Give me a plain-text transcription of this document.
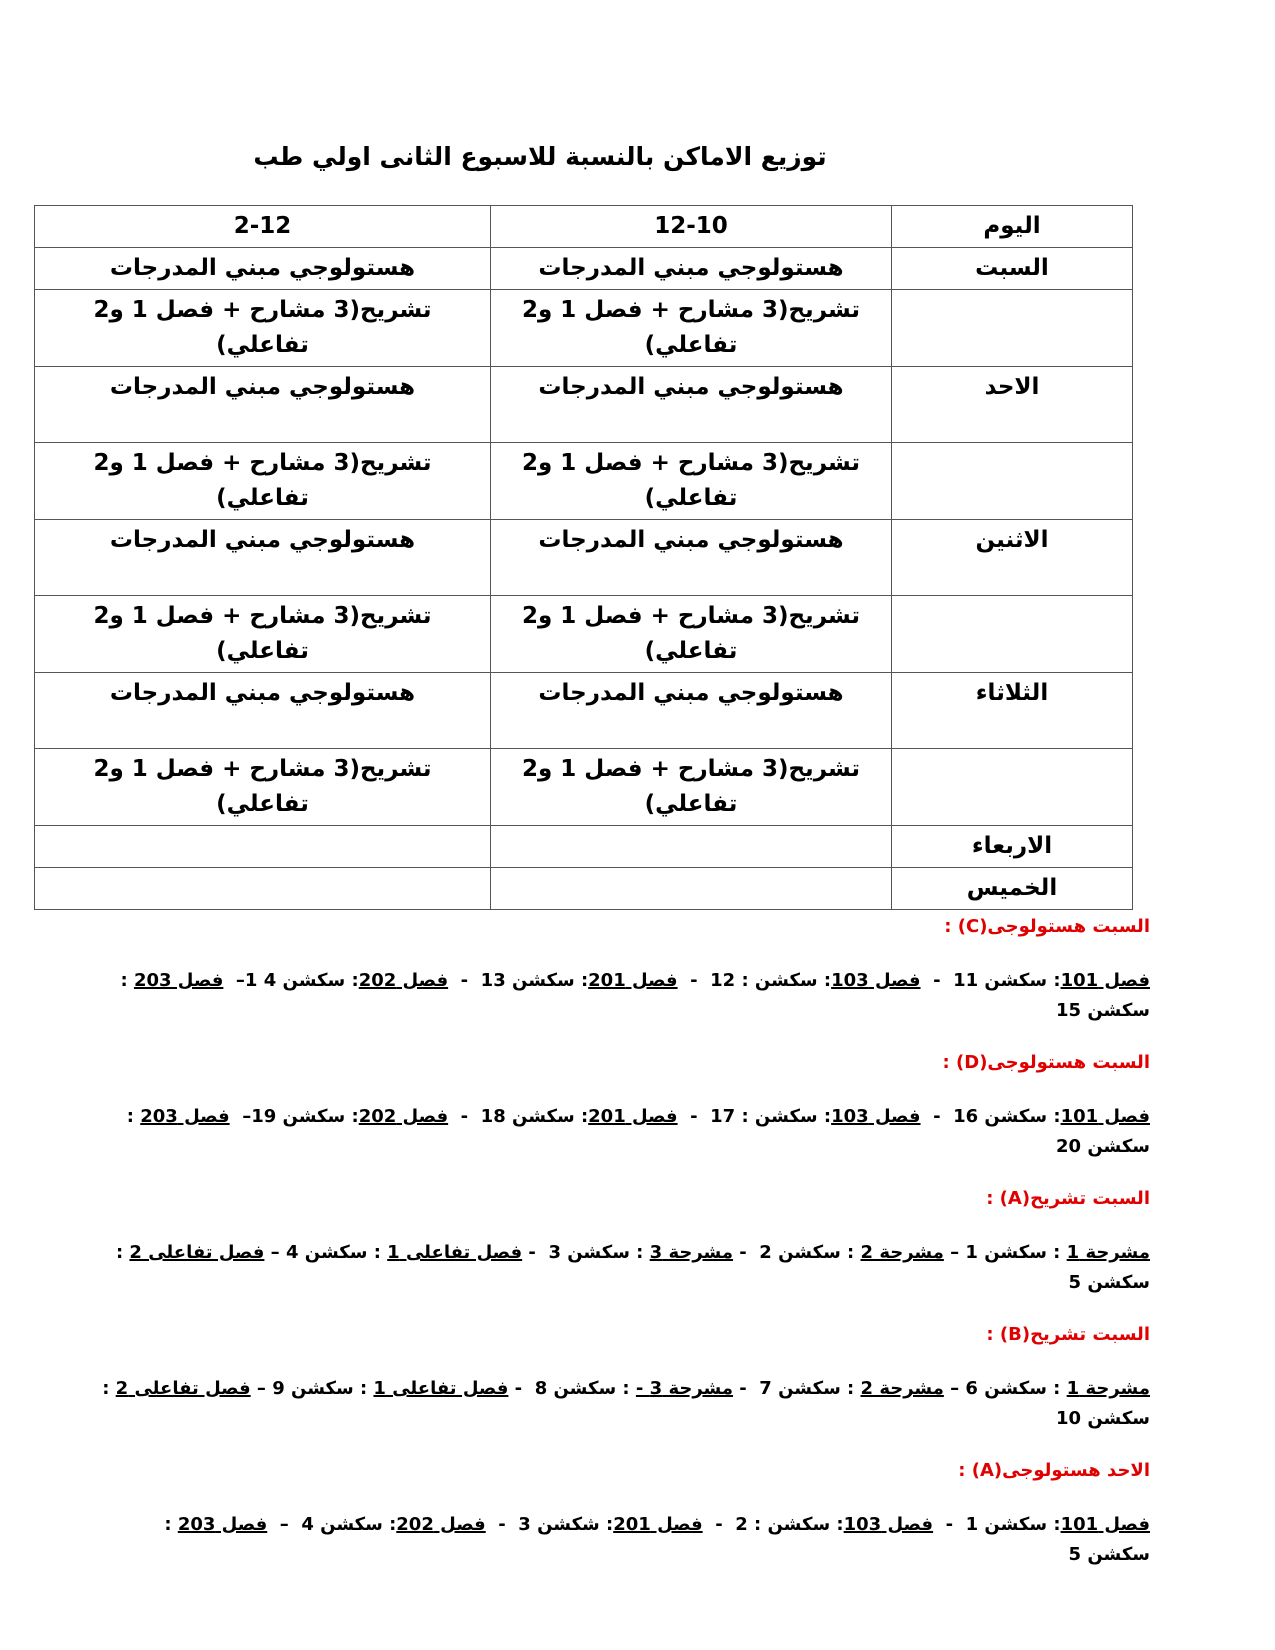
توزيع الاماكن بالنسبة للاسبوع الثانى اولي طب
اليوم	12-10	2-12
السبت	هستولوجي مبني المدرجات	هستولوجي مبني المدرجات
	تشريح(3 مشارح + فصل 1 و2 تفاعلي)	تشريح(3 مشارح + فصل 1 و2 تفاعلي)
الاحد	هستولوجي مبني المدرجات	هستولوجي مبني المدرجات
	تشريح(3 مشارح + فصل 1 و2 تفاعلي)	تشريح(3 مشارح + فصل 1 و2 تفاعلي)
الاثنين	هستولوجي مبني المدرجات	هستولوجي مبني المدرجات
	تشريح(3 مشارح + فصل 1 و2 تفاعلي)	تشريح(3 مشارح + فصل 1 و2 تفاعلي)
الثلاثاء	هستولوجي مبني المدرجات	هستولوجي مبني المدرجات
	تشريح(3 مشارح + فصل 1 و2 تفاعلي)	تشريح(3 مشارح + فصل 1 و2 تفاعلي)
الاربعاء		
الخميس		
السبت هستولوجى(C) :
فصل 101: سكشن 11  -  فصل 103: سكشن : 12  -  فصل 201: سكشن 13  -  فصل 202: سكشن 4 1–  فصل 203 : سكشن 15
السبت هستولوجى(D) :
فصل 101: سكشن 16  -  فصل 103: سكشن : 17  -  فصل 201: سكشن 18  -  فصل 202: سكشن 19–  فصل 203 : سكشن 20
السبت تشريح(A) :
مشرحة 1 : سكشن 1 – مشرحة 2 : سكشن 2  - مشرحة 3 : سكشن 3  - فصل تفاعلى 1 : سكشن 4 – فصل تفاعلى 2 : سكشن 5
السبت تشريح(B) :
مشرحة 1 : سكشن 6 – مشرحة 2 : سكشن 7  - مشرحة 3 - : سكشن 8  - فصل تفاعلى 1 : سكشن 9 – فصل تفاعلى 2 : سكشن 10
الاحد هستولوجى(A) :
فصل 101: سكشن 1  -  فصل 103: سكشن : 2  -  فصل 201: شكشن 3  -  فصل 202: سكشن 4  –  فصل 203 : سكشن 5
